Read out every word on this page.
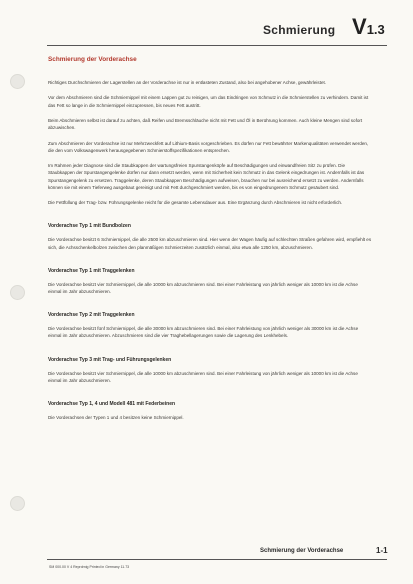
Schmierung V1.3
Schmierung der Vorderachse

Richtiges Durchschmieren der Lagerstellen an der Vorderachse ist nur in entlasteten Zustand, also bei angehobener Achse, gewährleistet.

Vor dem Abschmieren sind die Schmiernippel mit einem Lappen gut zu reinigen, um das Eindringen von Schmutz in die Schmierstellen zu verhindern. Damit ist das Fett so lange in die Schmiernippel einzupressen, bis neues Fett austritt.

Beim Abschmieren selbst ist darauf zu achten, daß Reifen und Bremsschläuche nicht mit Fett und Öl in Berührung kommen. Auch kleine Mengen sind sofort abzuwischen.

Zum Abschmieren der Vorderachse ist nur Mehrzweckfett auf Lithium-Basis vorgeschrieben. Es dürfen nur Fett bewährter Markenqualitäten verwendet werden, die den vom Volkswagenwerk herausgegebenen Schmierstoffspezifikationen entsprechen.

Im Rahmen jeder Diagnose sind die Staubkappen der wartungsfreien Spurstangenköpfe auf Beschädigungen und einwandfreien Sitz zu prüfen. Die Staubkappen der Spurstangengelenke dürfen nur dann ersetzt werden, wenn mit Sicherheit kein Schmutz in das Gelenk eingedrungen ist. Andernfalls ist das Spurstangengelenk zu ersetzen. Traggelenke, deren Staubkappen Beschädigungen aufweisen, brauchen nur bei ausreichend ersetzt zu werden. Andernfalls können sie mit einem Tieferweg ausgebaut gereinigt und mit Fett durchgeschmiert werden, bis es von eingedrungenem Schmutz gesäubert sind.

Die Fettfüllung der Trag- bzw. Führungsgelenke reicht für die gesamte Lebensdauer aus. Eine Ergänzung durch Abschmieren ist nicht erforderlich.

Vorderachse Typ 1 mit Bundbolzen

Die Vorderachse besitzt 6 Schmiernippel, die alle 2500 km abzuschmieren sind. Hier wenn der Wagen häufig auf schlechten Straßen gefahren wird, empfiehlt es sich, die Achsschenkelbolzen zwischen den planmäßigen Schmierzeiten zusätzlich einmal, also etwa alle 1250 km, abzuschmieren.

Vorderachse Typ 1 mit Traggelenken

Die Vorderachse besitzt vier Schmiernippel, die alle 10000 km abzuschmieren sind. Bei einer Fahrleistung von jährlich weniger als 10000 km ist die Achse einmal im Jahr abzuschmieren.

Vorderachse Typ 2 mit Traggelenken

Die Vorderachse besitzt fünf Schmiernippel, die alle 30000 km abzuschmieren sind. Bei einer Fahrleistung von jährlich weniger als 30000 km ist die Achse einmal im Jahr abzuschmieren. Abzuschmieren sind die vier Traghebellagerungen sowie die Lagerung des Lenkhebels.

Vorderachse Typ 3 mit Trag- und Führungsgelenken

Die Vorderachse besitzt vier Schmiernippel, die alle 10000 km abzuschmieren sind. Bei einer Fahrleistung von jährlich weniger als 10000 km ist die Achse einmal im Jahr abzuschmieren.

Vorderachse Typ 1, 4 und Modell 481 mit Federbeinen

Die Vorderachsen der Typen 1 und 4 besitzen keine Schmiernippel.

Schmierung der Vorderachse	1-1
SM 000.00 V 4 Reprdrnig Printed in Germany 11.73
